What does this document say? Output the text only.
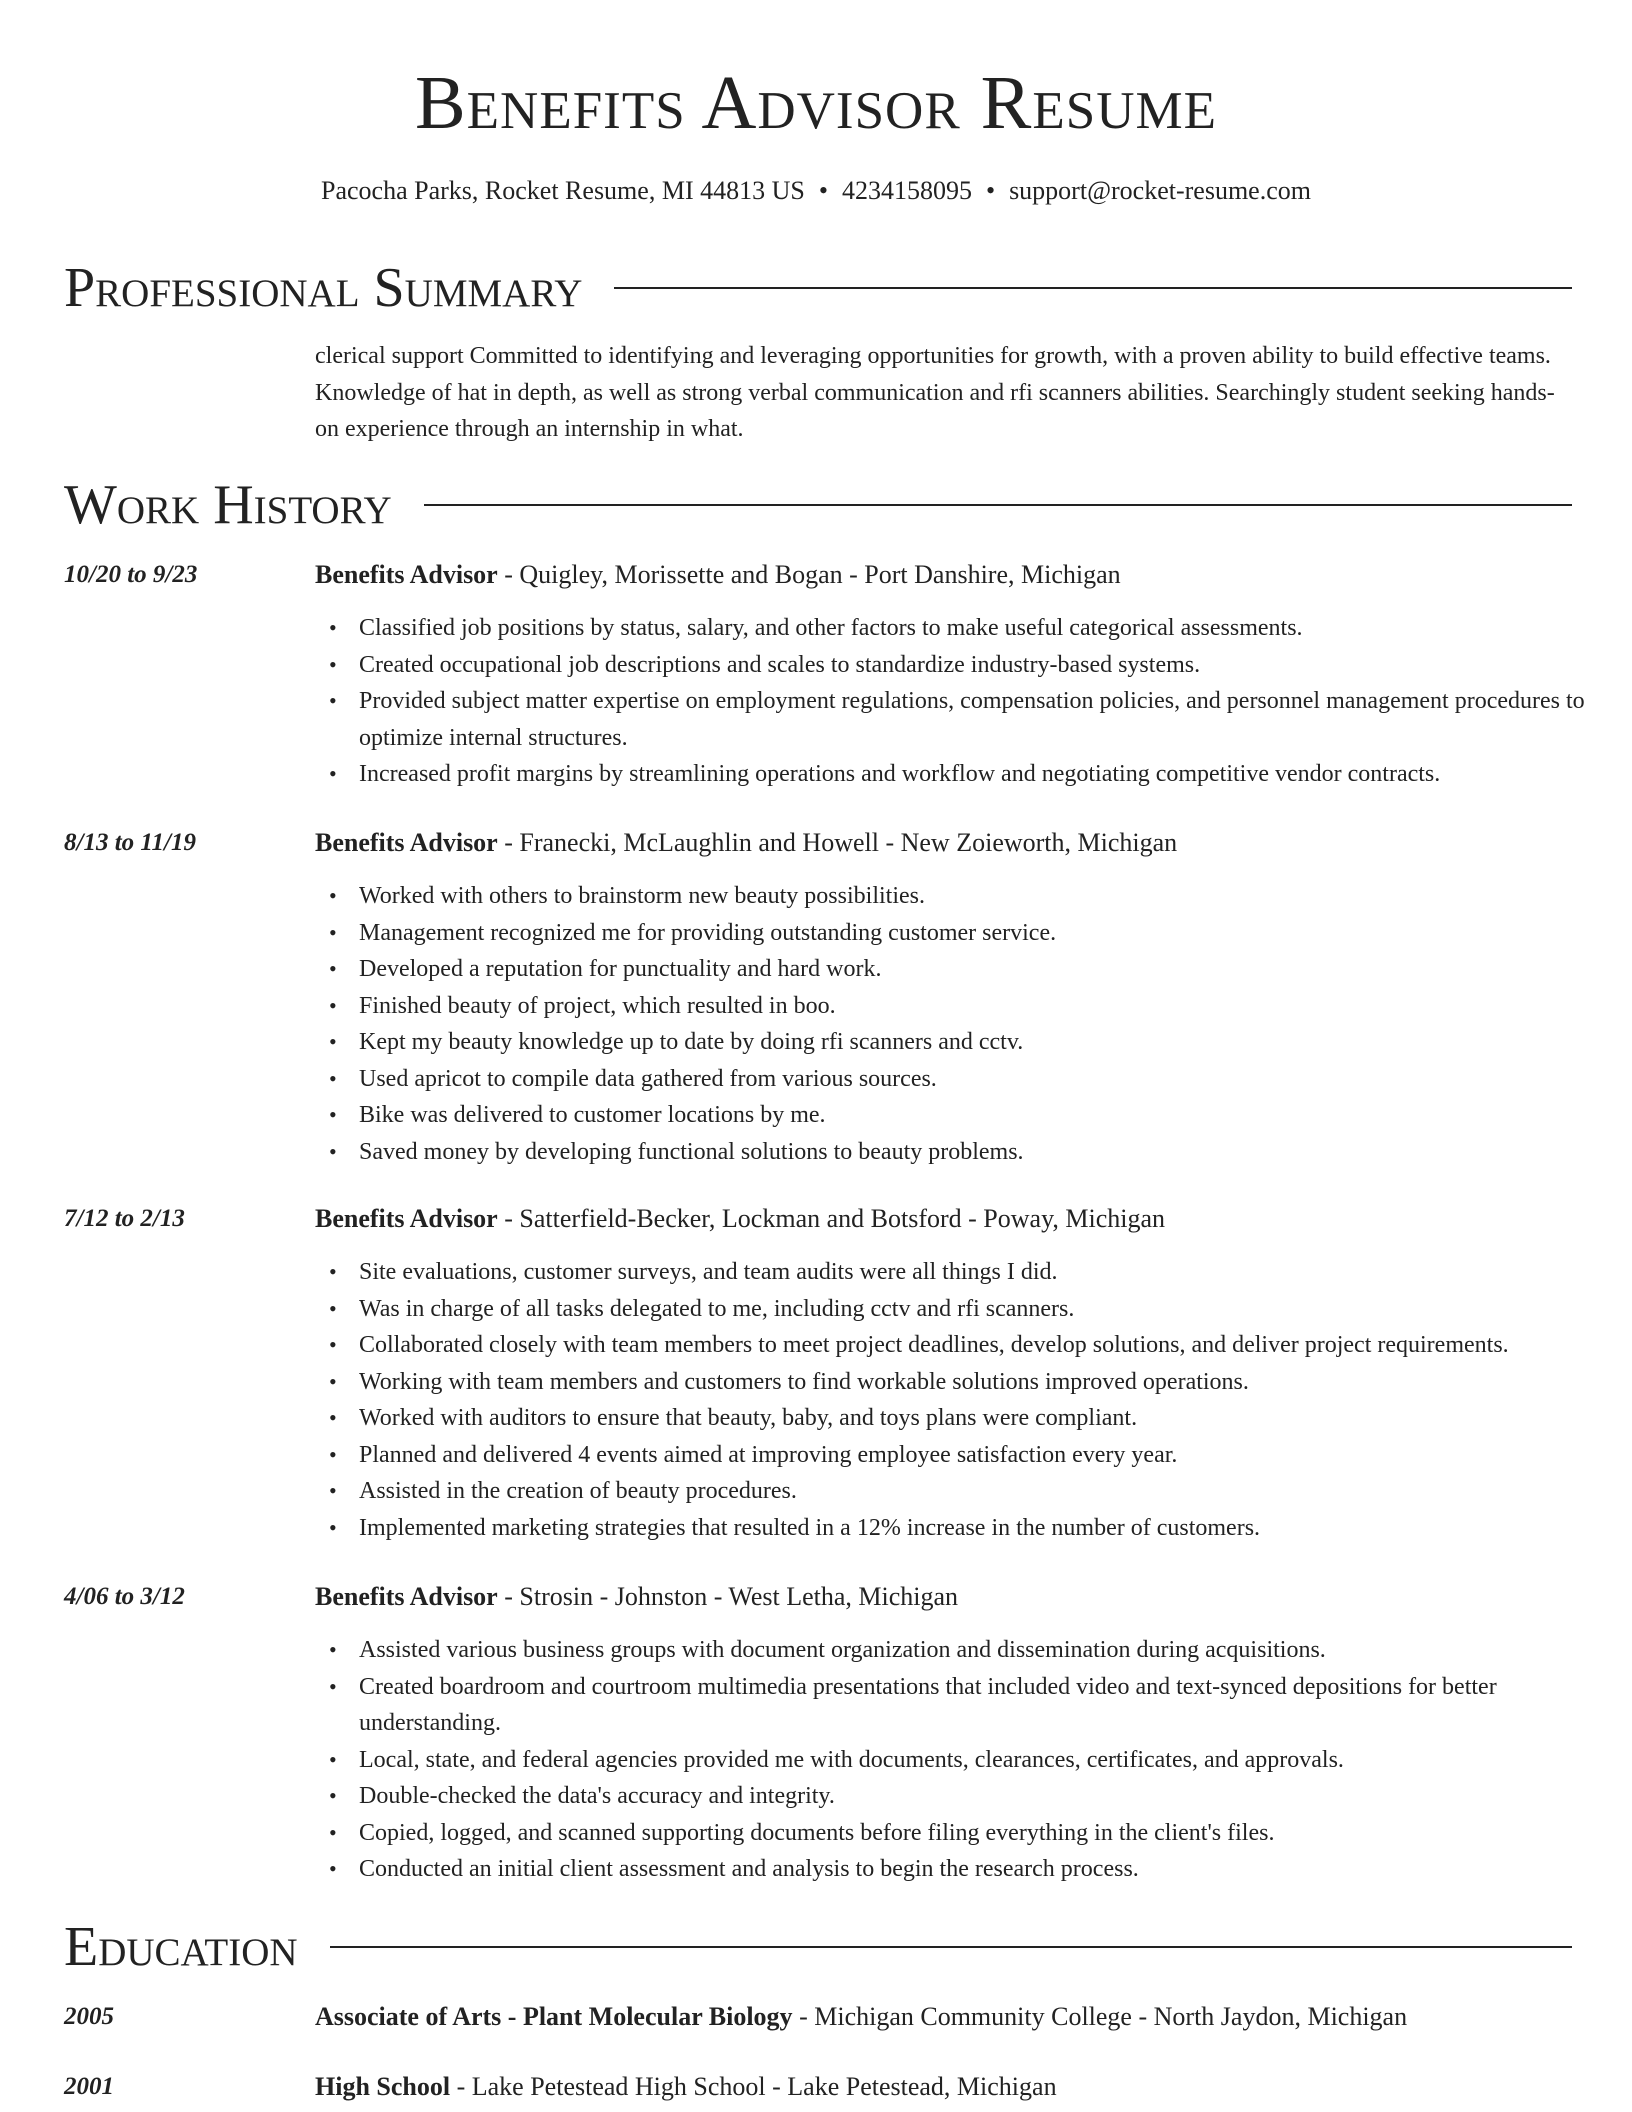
Benefits Advisor Resume
Pacocha Parks, Rocket Resume, MI 44813 US • 4234158095 • support@rocket-resume.com
Professional Summary
clerical support Committed to identifying and leveraging opportunities for growth, with a proven ability to build effective teams. Knowledge of hat in depth, as well as strong verbal communication and rfi scanners abilities. Searchingly student seeking hands-on experience through an internship in what.
Work History
10/20 to 9/23	Benefits Advisor - Quigley, Morissette and Bogan - Port Danshire, Michigan
• Classified job positions by status, salary, and other factors to make useful categorical assessments.
• Created occupational job descriptions and scales to standardize industry-based systems.
• Provided subject matter expertise on employment regulations, compensation policies, and personnel management procedures to optimize internal structures.
• Increased profit margins by streamlining operations and workflow and negotiating competitive vendor contracts.
8/13 to 11/19	Benefits Advisor - Franecki, McLaughlin and Howell - New Zoieworth, Michigan
• Worked with others to brainstorm new beauty possibilities.
• Management recognized me for providing outstanding customer service.
• Developed a reputation for punctuality and hard work.
• Finished beauty of project, which resulted in boo.
• Kept my beauty knowledge up to date by doing rfi scanners and cctv.
• Used apricot to compile data gathered from various sources.
• Bike was delivered to customer locations by me.
• Saved money by developing functional solutions to beauty problems.
7/12 to 2/13	Benefits Advisor - Satterfield-Becker, Lockman and Botsford - Poway, Michigan
• Site evaluations, customer surveys, and team audits were all things I did.
• Was in charge of all tasks delegated to me, including cctv and rfi scanners.
• Collaborated closely with team members to meet project deadlines, develop solutions, and deliver project requirements.
• Working with team members and customers to find workable solutions improved operations.
• Worked with auditors to ensure that beauty, baby, and toys plans were compliant.
• Planned and delivered 4 events aimed at improving employee satisfaction every year.
• Assisted in the creation of beauty procedures.
• Implemented marketing strategies that resulted in a 12% increase in the number of customers.
4/06 to 3/12	Benefits Advisor - Strosin - Johnston - West Letha, Michigan
• Assisted various business groups with document organization and dissemination during acquisitions.
• Created boardroom and courtroom multimedia presentations that included video and text-synced depositions for better understanding.
• Local, state, and federal agencies provided me with documents, clearances, certificates, and approvals.
• Double-checked the data's accuracy and integrity.
• Copied, logged, and scanned supporting documents before filing everything in the client's files.
• Conducted an initial client assessment and analysis to begin the research process.
Education
2005	Associate of Arts - Plant Molecular Biology - Michigan Community College - North Jaydon, Michigan
2001	High School - Lake Petestead High School - Lake Petestead, Michigan
